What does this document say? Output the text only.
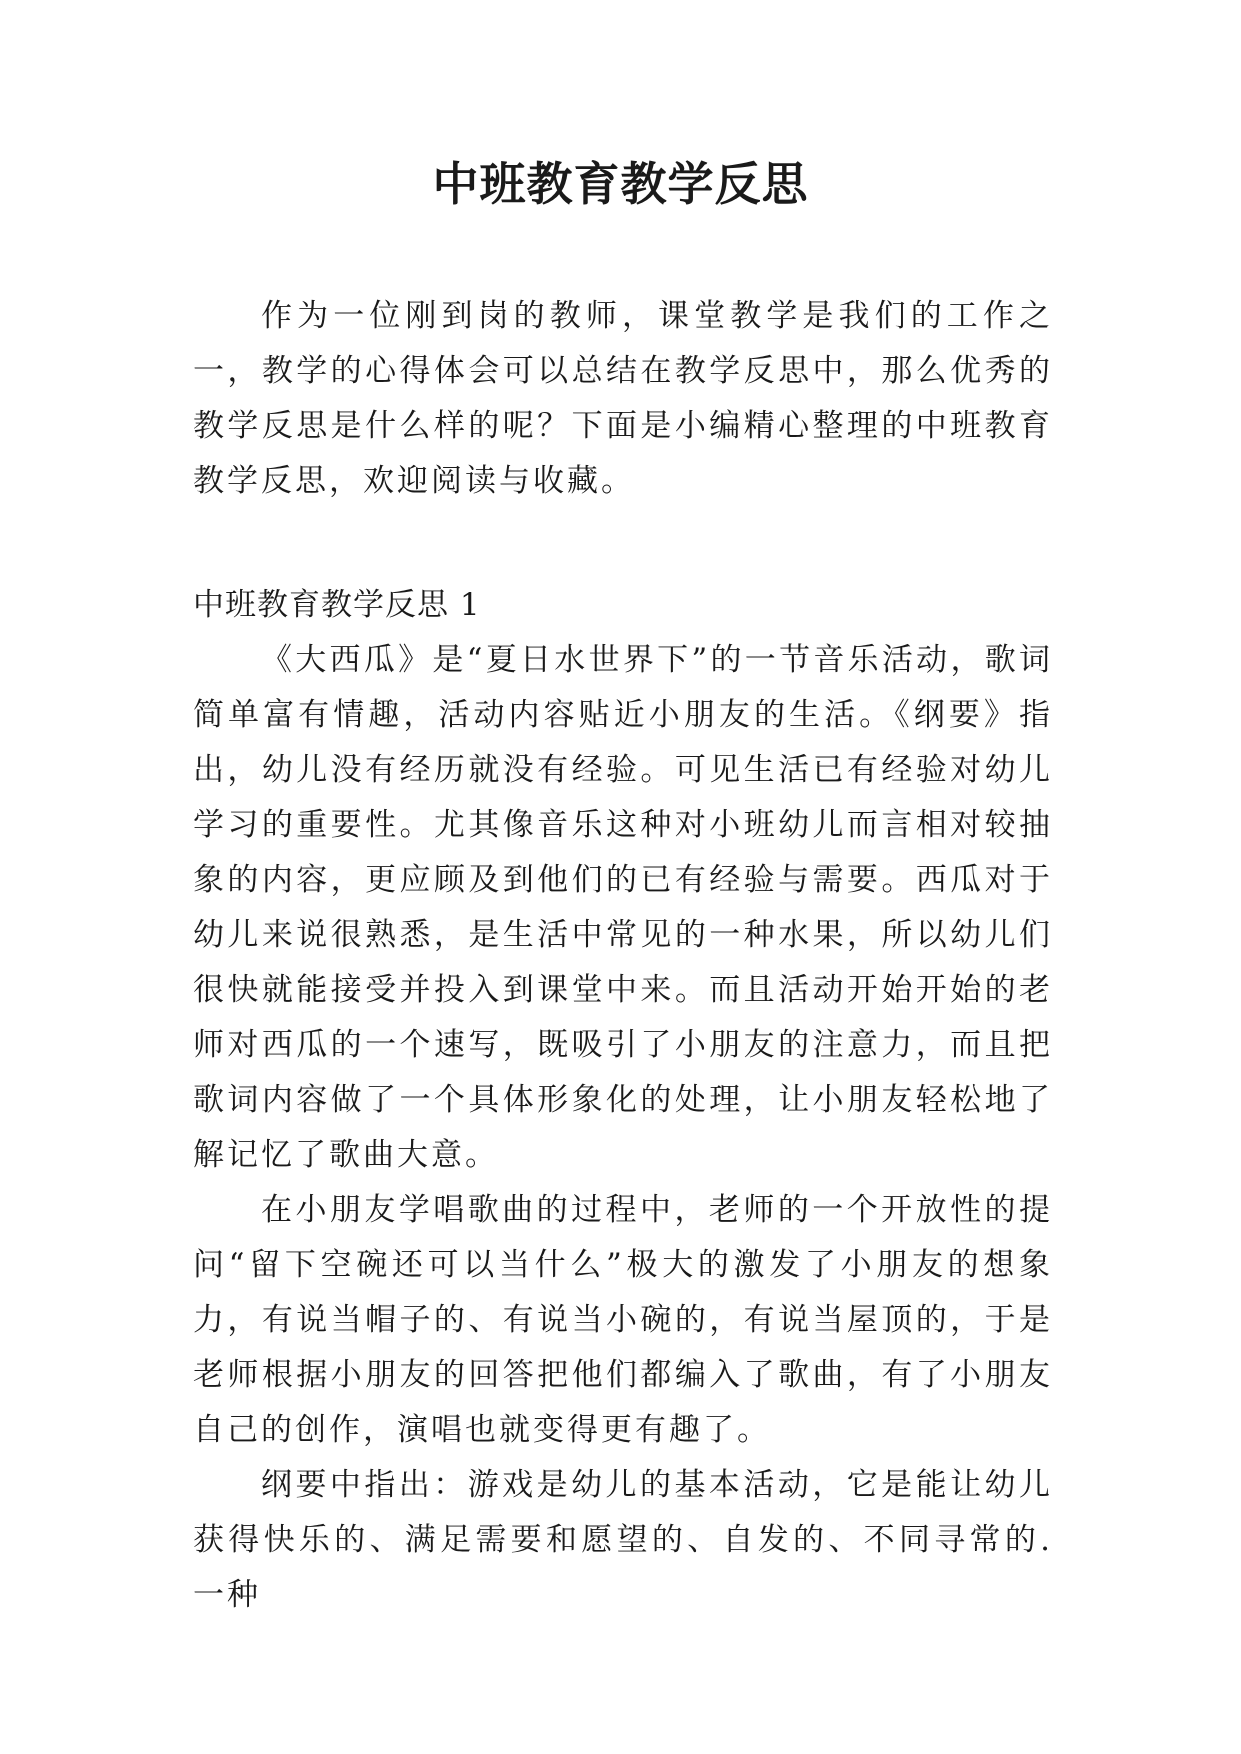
中班教育教学反思

作为一位刚到岗的教师，课堂教学是我们的工作之一，教学的心得体会可以总结在教学反思中，那么优秀的教学反思是什么样的呢？下面是小编精心整理的中班教育教学反思，欢迎阅读与收藏。

中班教育教学反思 1

《大西瓜》是“夏日水世界下”的一节音乐活动，歌词简单富有情趣，活动内容贴近小朋友的生活。《纲要》指出，幼儿没有经历就没有经验。可见生活已有经验对幼儿学习的重要性。尤其像音乐这种对小班幼儿而言相对较抽象的内容，更应顾及到他们的已有经验与需要。西瓜对于幼儿来说很熟悉，是生活中常见的一种水果，所以幼儿们很快就能接受并投入到课堂中来。而且活动开始开始的老师对西瓜的一个速写，既吸引了小朋友的注意力，而且把歌词内容做了一个具体形象化的处理，让小朋友轻松地了解记忆了歌曲大意。

在小朋友学唱歌曲的过程中，老师的一个开放性的提问“留下空碗还可以当什么”极大的激发了小朋友的想象力，有说当帽子的、有说当小碗的，有说当屋顶的，于是老师根据小朋友的回答把他们都编入了歌曲，有了小朋友自己的创作，演唱也就变得更有趣了。

纲要中指出：游戏是幼儿的基本活动，它是能让幼儿获得快乐的、满足需要和愿望的、自发的、不同寻常的.一种
